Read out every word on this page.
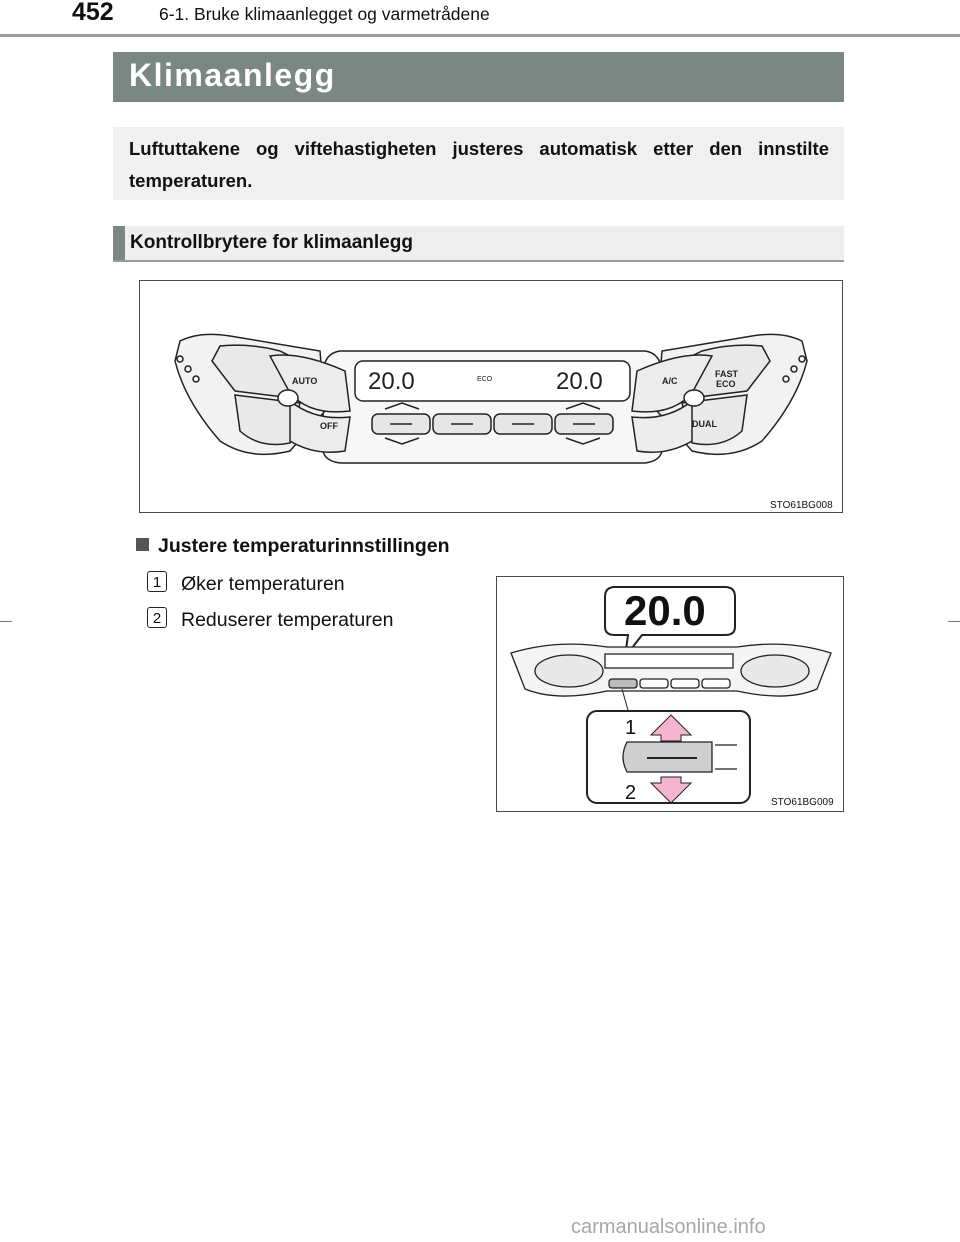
452	6-1. Bruke klimaanlegget og varmetrådene
Klimaanlegg
Luftuttakene og viftehastigheten justeres automatisk etter den innstilte temperaturen.
Kontrollbrytere for klimaanlegg
20.0	20.0
ECO
AUTO
OFF
A/C
FAST
ECO
DUAL
STO61BG008
Justere temperaturinnstillingen
1 Øker temperaturen
2 Reduserer temperaturen	20.0
1
2	STO61BG009
carmanualsonline.info
